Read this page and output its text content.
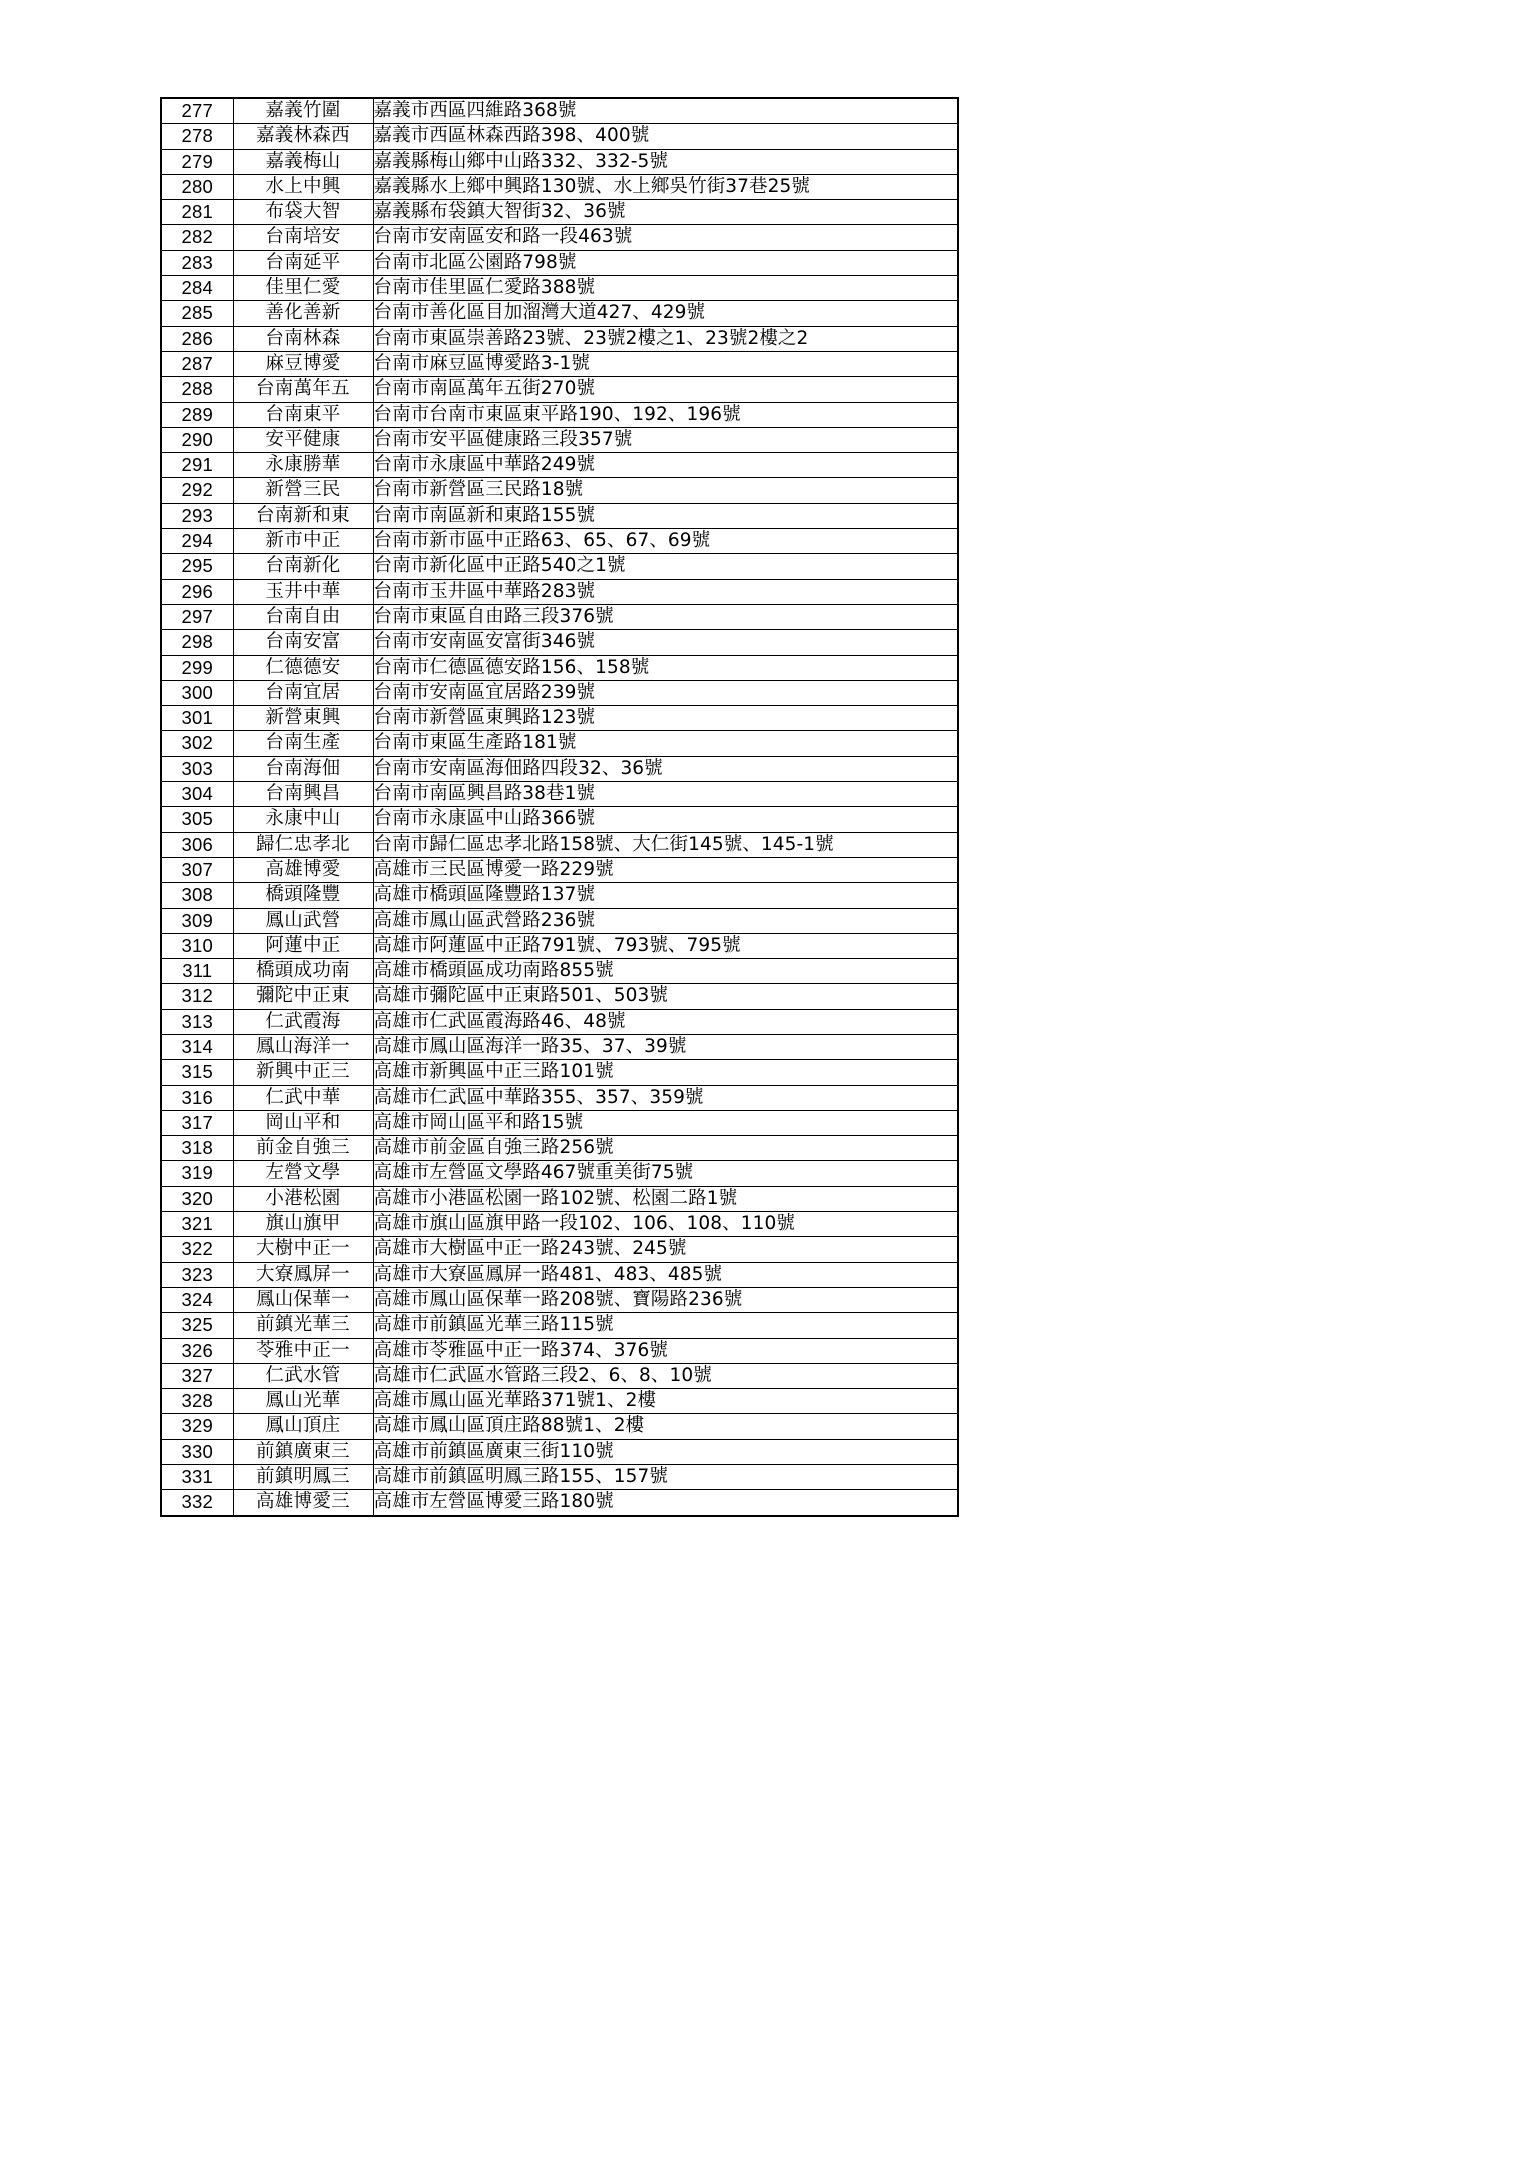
277	嘉義竹圍	嘉義市西區四維路368號
278	嘉義林森西	嘉義市西區林森西路398、400號
279	嘉義梅山	嘉義縣梅山鄉中山路332、332-5號
280	水上中興	嘉義縣水上鄉中興路130號、水上鄉吳竹街37巷25號
281	布袋大智	嘉義縣布袋鎮大智街32、36號
282	台南培安	台南市安南區安和路一段463號
283	台南延平	台南市北區公園路798號
284	佳里仁愛	台南市佳里區仁愛路388號
285	善化善新	台南市善化區目加溜灣大道427、429號
286	台南林森	台南市東區崇善路23號、23號2樓之1、23號2樓之2
287	麻豆博愛	台南市麻豆區博愛路3-1號
288	台南萬年五	台南市南區萬年五街270號
289	台南東平	台南市台南市東區東平路190、192、196號
290	安平健康	台南市安平區健康路三段357號
291	永康勝華	台南市永康區中華路249號
292	新營三民	台南市新營區三民路18號
293	台南新和東	台南市南區新和東路155號
294	新市中正	台南市新市區中正路63、65、67、69號
295	台南新化	台南市新化區中正路540之1號
296	玉井中華	台南市玉井區中華路283號
297	台南自由	台南市東區自由路三段376號
298	台南安富	台南市安南區安富街346號
299	仁德德安	台南市仁德區德安路156、158號
300	台南宜居	台南市安南區宜居路239號
301	新營東興	台南市新營區東興路123號
302	台南生產	台南市東區生產路181號
303	台南海佃	台南市安南區海佃路四段32、36號
304	台南興昌	台南市南區興昌路38巷1號
305	永康中山	台南市永康區中山路366號
306	歸仁忠孝北	台南市歸仁區忠孝北路158號、大仁街145號、145-1號
307	高雄博愛	高雄市三民區博愛一路229號
308	橋頭隆豐	高雄市橋頭區隆豐路137號
309	鳳山武營	高雄市鳳山區武營路236號
310	阿蓮中正	高雄市阿蓮區中正路791號、793號、795號
311	橋頭成功南	高雄市橋頭區成功南路855號
312	彌陀中正東	高雄市彌陀區中正東路501、503號
313	仁武霞海	高雄市仁武區霞海路46、48號
314	鳳山海洋一	高雄市鳳山區海洋一路35、37、39號
315	新興中正三	高雄市新興區中正三路101號
316	仁武中華	高雄市仁武區中華路355、357、359號
317	岡山平和	高雄市岡山區平和路15號
318	前金自強三	高雄市前金區自強三路256號
319	左營文學	高雄市左營區文學路467號重美街75號
320	小港松園	高雄市小港區松園一路102號、松園二路1號
321	旗山旗甲	高雄市旗山區旗甲路一段102、106、108、110號
322	大樹中正一	高雄市大樹區中正一路243號、245號
323	大寮鳳屏一	高雄市大寮區鳳屏一路481、483、485號
324	鳳山保華一	高雄市鳳山區保華一路208號、寶陽路236號
325	前鎮光華三	高雄市前鎮區光華三路115號
326	苓雅中正一	高雄市苓雅區中正一路374、376號
327	仁武水管	高雄市仁武區水管路三段2、6、8、10號
328	鳳山光華	高雄市鳳山區光華路371號1、2樓
329	鳳山頂庄	高雄市鳳山區頂庄路88號1、2樓
330	前鎮廣東三	高雄市前鎮區廣東三街110號
331	前鎮明鳳三	高雄市前鎮區明鳳三路155、157號
332	高雄博愛三	高雄市左營區博愛三路180號
